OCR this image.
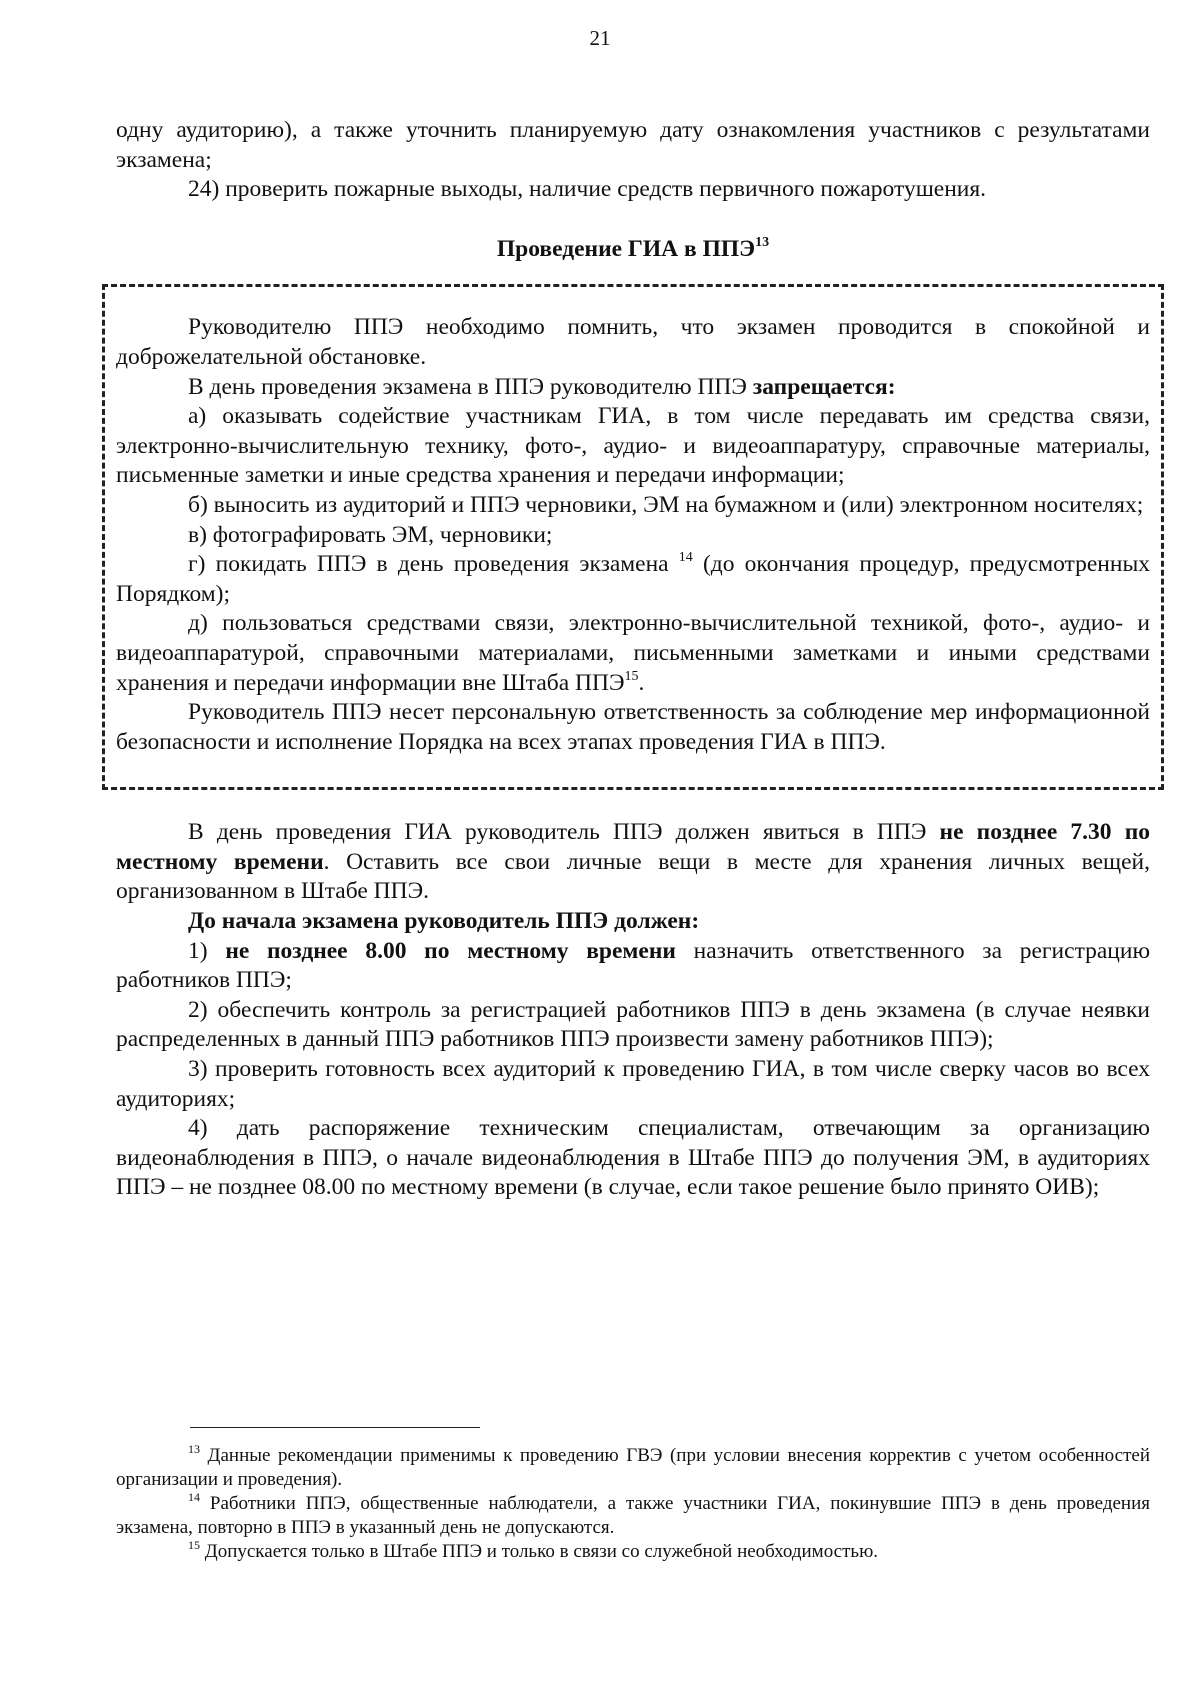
21

одну аудиторию), а также уточнить планируемую дату ознакомления участников с результатами экзамена;

24) проверить пожарные выходы, наличие средств первичного пожаротушения.

Проведение ГИА в ППЭ$^{13}$

Руководителю ППЭ необходимо помнить, что экзамен проводится в спокойной и доброжелательной обстановке.

В день проведения экзамена в ППЭ руководителю ППЭ запрещается:

а) оказывать содействие участникам ГИА, в том числе передавать им средства связи, электронно-вычислительную технику, фото-, аудио- и видеоаппаратуру, справочные материалы, письменные заметки и иные средства хранения и передачи информации;

б) выносить из аудиторий и ППЭ черновики, ЭМ на бумажном и (или) электронном носителях;

в) фотографировать ЭМ, черновики;

г) покидать ППЭ в день проведения экзамена $^{14}$ (до окончания процедур, предусмотренных Порядком);

д) пользоваться средствами связи, электронно-вычислительной техникой, фото-, аудио- и видеоаппаратурой, справочными материалами, письменными заметками и иными средствами хранения и передачи информации вне Штаба ППЭ$^{15}$.

Руководитель ППЭ несет персональную ответственность за соблюдение мер информационной безопасности и исполнение Порядка на всех этапах проведения ГИА в ППЭ.

В день проведения ГИА руководитель ППЭ должен явиться в ППЭ не позднее 7.30 по местному времени. Оставить все свои личные вещи в месте для хранения личных вещей, организованном в Штабе ППЭ.

До начала экзамена руководитель ППЭ должен:

1) не позднее 8.00 по местному времени назначить ответственного за регистрацию работников ППЭ;

2) обеспечить контроль за регистрацией работников ППЭ в день экзамена (в случае неявки распределенных в данный ППЭ работников ППЭ произвести замену работников ППЭ);

3) проверить готовность всех аудиторий к проведению ГИА, в том числе сверку часов во всех аудиториях;

4) дать распоряжение техническим специалистам, отвечающим за организацию видеонаблюдения в ППЭ, о начале видеонаблюдения в Штабе ППЭ до получения ЭМ, в аудиториях ППЭ – не позднее 08.00 по местному времени (в случае, если такое решение было принято ОИВ);

$^{13}$ Данные рекомендации применимы к проведению ГВЭ (при условии внесения корректив с учетом особенностей организации и проведения).

$^{14}$ Работники ППЭ, общественные наблюдатели, а также участники ГИА, покинувшие ППЭ в день проведения экзамена, повторно в ППЭ в указанный день не допускаются.

$^{15}$ Допускается только в Штабе ППЭ и только в связи со служебной необходимостью.
